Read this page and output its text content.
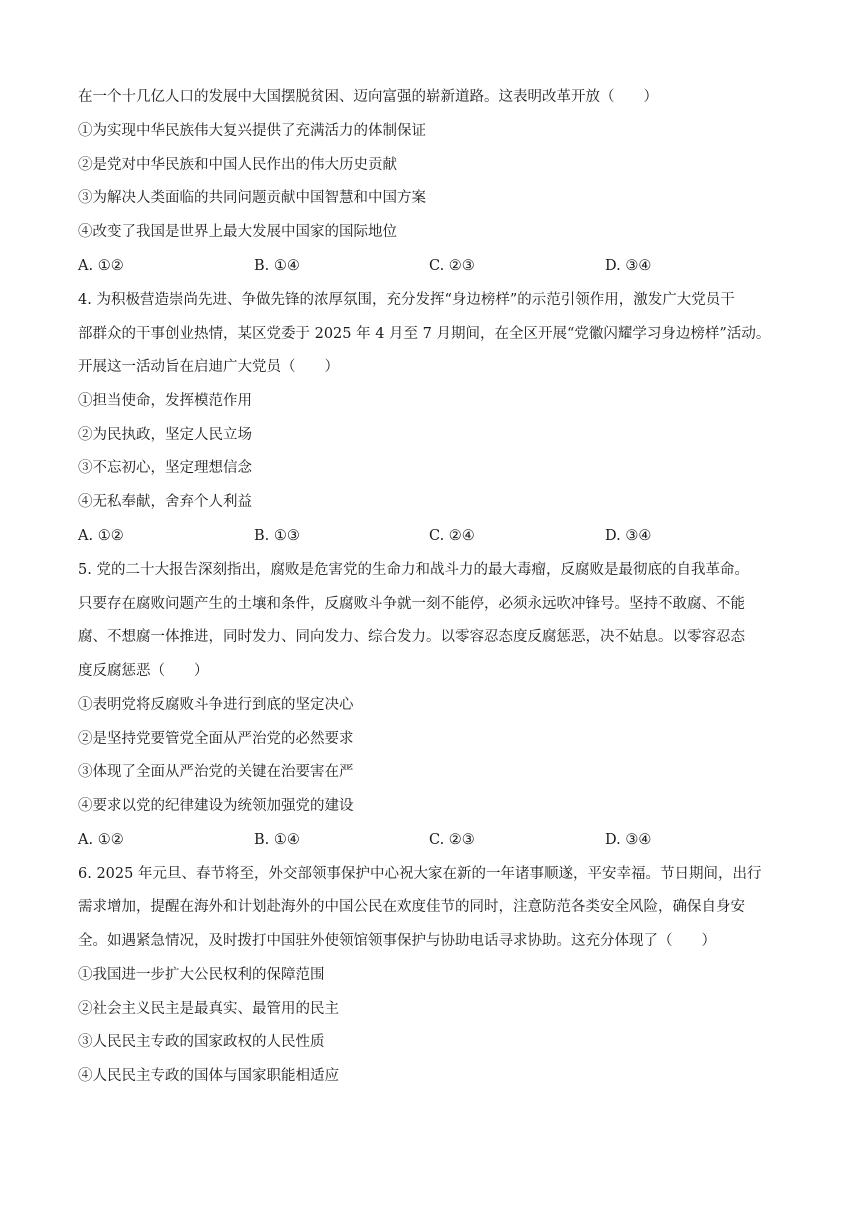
在一个十几亿人口的发展中大国摆脱贫困、迈向富强的崭新道路。这表明改革开放（　　）
①为实现中华民族伟大复兴提供了充满活力的体制保证
②是党对中华民族和中国人民作出的伟大历史贡献
③为解决人类面临的共同问题贡献中国智慧和中国方案
④改变了我国是世界上最大发展中国家的国际地位
A. ①②	B. ①④	C. ②③	D. ③④
4. 为积极营造崇尚先进、争做先锋的浓厚氛围，充分发挥“身边榜样”的示范引领作用，激发广大党员干
部群众的干事创业热情，某区党委于 2025 年 4 月至 7 月期间，在全区开展“党徽闪耀学习身边榜样”活动。
开展这一活动旨在启迪广大党员（　　）
①担当使命，发挥模范作用
②为民执政，坚定人民立场
③不忘初心，坚定理想信念
④无私奉献，舍弃个人利益
A. ①②	B. ①③	C. ②④	D. ③④
5. 党的二十大报告深刻指出，腐败是危害党的生命力和战斗力的最大毒瘤，反腐败是最彻底的自我革命。
只要存在腐败问题产生的土壤和条件，反腐败斗争就一刻不能停，必须永远吹冲锋号。坚持不敢腐、不能
腐、不想腐一体推进，同时发力、同向发力、综合发力。以零容忍态度反腐惩恶，决不姑息。以零容忍态
度反腐惩恶（　　）
①表明党将反腐败斗争进行到底的坚定决心
②是坚持党要管党全面从严治党的必然要求
③体现了全面从严治党的关键在治要害在严
④要求以党的纪律建设为统领加强党的建设
A. ①②	B. ①④	C. ②③	D. ③④
6. 2025 年元旦、春节将至，外交部领事保护中心祝大家在新的一年诸事顺遂，平安幸福。节日期间，出行
需求增加，提醒在海外和计划赴海外的中国公民在欢度佳节的同时，注意防范各类安全风险，确保自身安
全。如遇紧急情况，及时拨打中国驻外使领馆领事保护与协助电话寻求协助。这充分体现了（　　）
①我国进一步扩大公民权利的保障范围
②社会主义民主是最真实、最管用的民主
③人民民主专政的国家政权的人民性质
④人民民主专政的国体与国家职能相适应
